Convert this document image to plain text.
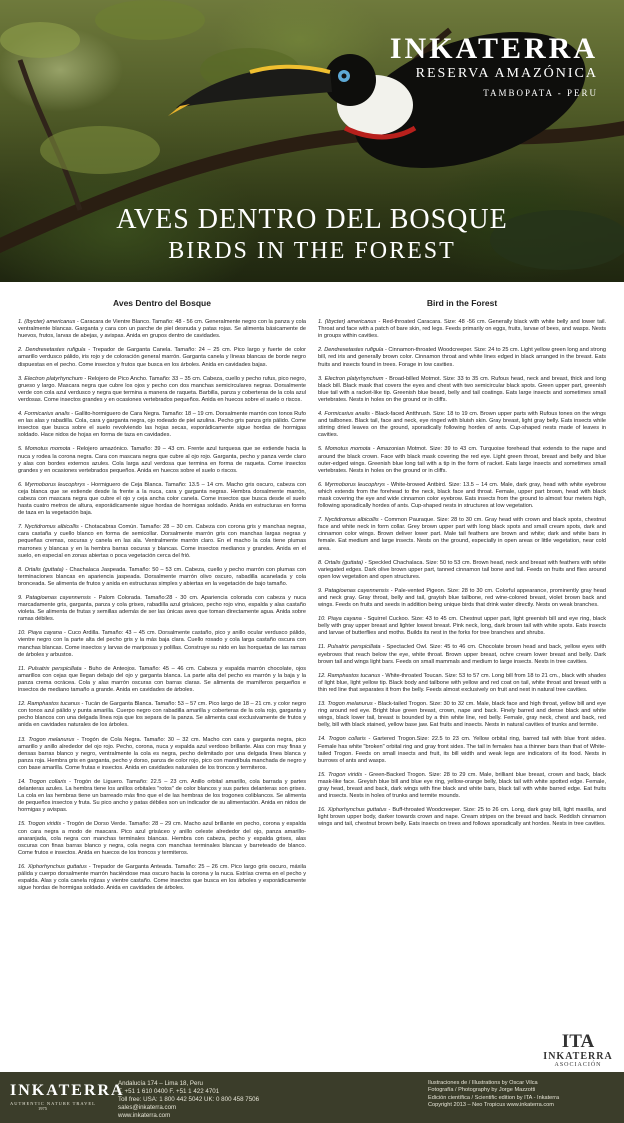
INKATERRA
RESERVA AMAZÓNICA
TAMBOPATA - PERU
AVES DENTRO DEL BOSQUE
BIRDS IN THE FOREST
Aves Dentro del Bosque

1. (Ibycter) americanus - Caracara de Vientre Blanco. Tamaño: 48 - 56 cm. Generalmente negro con la panza y cola ventralmente blancas. Garganta y cara con un parche de piel desnuda y patas rojas. Se alimenta básicamente de huevos, frutos, larvas de abejas, y avispas. Anida en grupos dentro de cavidades.

2. Dendrexetastes rufigula - Trepador de Garganta Canela. Tamaño: 24 – 25 cm. Pico largo y fuerte de color amarillo verdusco pálido, iris rojo y de coloración general marrón. Garganta canela y líneas blancas de borde negro dispuestas en el pecho. Come insectos y frutos que busca en los árboles. Anida en cavidades bajas.

3. Electron platyrhynchum - Relojero de Pico Ancho. Tamaño: 33 – 35 cm. Cabeza, cuello y pecho rufus, pico negro, grueso y largo. Mascara negra que cubre los ojos y pecho con dos manchas semicirculares negras. Dorsalmente verde con cola azul verdusco y negra que termina a manera de raqueta. Barbilla, panza y coberteras de la cola azul verdosas. Come insectos grandes y en ocasiones vertebrados pequeños. Anida en huecos sobre el suelo o riscos.

4. Formicarius analis - Gallito-hormiguero de Cara Negra. Tamaño: 18 – 19 cm. Dorsalmente marrón con tonos Rufo en las alas y rabadilla. Cola, cara y garganta negra, ojo rodeado de piel azulina. Pecho gris panza gris pálido. Come insectos que busca sobre el suelo revolviendo las hojas secas, esporádicamente sigue hordas de hormigas soldado. Hace nidos de hojas en forma de taza en cavidades.

5. Momotus momota - Relojero amazónico. Tamaño: 39 – 43 cm. Frente azul turquesa que se extiende hacia la nuca y rodea la corona negra. Cara con mascara negra que cubre al ojo rojo. Garganta, pecho y panza verde claro y alas con bordes externos azules. Cola larga azul verdosa que termina en forma de raqueta. Come insectos grandes y en ocasiones vertebrados pequeños. Anida en huecos sobre el suelo o riscos.

6. Myrmoborus leucophrys - Hormiguero de Ceja Blanca. Tamaño: 13.5 – 14 cm. Macho gris oscuro, cabeza con ceja blanca que se extiende desde la frente a la nuca, cara y garganta negras. Hembra dorsalmente marrón, cabeza con mascara negra que cubre el ojo y ceja ancha color canela. Come insectos que busca desde el suelo hasta cuatro metros de altura, esporádicamente sigue hordas de hormigas soldado. Anida en estructuras en forma de taza en la vegetación baja.

7. Nyctidromus albicollis - Chotacabras Común. Tamaño: 28 – 30 cm. Cabeza con corona gris y manchas negras, cara castaña y cuello blanco en forma de semicollar. Dorsalmente marrón gris con manchas largas negras y pequeñas cremas, oscuras y canela en las ala. Ventralmente marrón claro. En el macho la cola tiene plumas marrones y blancas y en la hembra barras oscuras y blancas. Come insectos medianos y grandes. Anida en el suelo, en especial en zonas abiertas o poca vegetación cerca del frió.

8. Ortalis (guttata) - Chachalaca Jaspeada. Tamaño: 50 – 53 cm. Cabeza, cuello y pecho marrón con plumas con terminaciones blancas en apariencia jaspeada. Dorsalmente marrón olivo oscuro, rabadilla acanelada y cola bronceada. Se alimenta de frutos y anida en estructuras simples y abiertas en la vegetación de bajo tamaño.

9. Patagioenas cayennensis - Palom Colorada. Tamaño:28 - 30 cm. Apariencia colorada con cabeza y nuca marcadamente gris, garganta, panza y cola grises, rabadilla azul grisáceo, pecho rojo vino, espalda y alas castaño violeta. Se alimenta de frutas y semillas además de ser las únicas aves que toman directamente agua. Anida sobre ramas débiles.

10. Piaya cayana - Cuco Ardilla. Tamaño: 43 – 45 cm. Dorsalmente castaño, pico y anillo ocular verdusco pálido, vientre negro con la parte alta del pecho gris y la más baja clara. Cuello rosado y cola larga castaño oscura con manchas blancas. Come insectos y larvas de mariposas y polillas. Construye su nido en las horquetas de las ramas de árboles y arbustos.

11. Pulsatrix perspicillata - Buho de Anteojos. Tamaño: 45 – 46 cm. Cabeza y espalda marrón chocolate, ojos amarillos con cejas que llegan debajo del ojo y garganta blanca. La parte alta del pecho es marrón y la baja y la panza crema ocrácea. Cola y alas marrón oscuras con barras claras. Se alimenta de mamíferos pequeños e insectos de mediano tamaño a grande. Anida en cavidades de árboles.

12. Ramphastos tucanus - Tucán de Garganta Blanca. Tamaño: 53 – 57 cm. Pico largo de 18 – 21 cm. y color negro con tonos azul pálido y punta amarilla. Cuerpo negro con rabadilla amarilla y coberteras de la cola rojo, garganta y pecho blancos con una delgada línea roja que los separa de la panza. Se alimenta casi exclusivamente de frutos y anida en cavidades naturales de los árboles.

13. Trogon melanurus - Trogón de Cola Negra. Tamaño: 30 – 32 cm. Macho con cara y garganta negra, pico amarillo y anillo alrededor del ojo rojo. Pecho, corona, nuca y espalda azul verdoso brillante. Alas con muy finas y densas barras blanco y negro, ventralmente la cola es negra, pecho delimitado por una delgada línea blanca y panza roja. Hembra gris en garganta, pecho y dorso, panza de color rojo, pico con mandíbula manchada de negro y con base amarilla. Come frutas e insectos. Anida en cavidades naturales de los troncos y termiteros.

14. Trogon collaris - Trogón de Liguero. Tamaño: 22.5 – 23 cm. Anillo orbital amarillo, cola barrada y partes delanteras azules. La hembra tiene los anillos orbitales "rotos" de color blancos y sus partes delanteras son grises. La cola en las hembras tiene un barreado más fino que el de las hembras de los trogones coliblancos. Se alimenta de pequeños insectos y fruta. Su pico ancho y patas débiles son un indicador de su alimentación. Anida en nidos de hormigas y avispas.

15. Trogon viridis - Trogón de Dorso Verde. Tamaño: 28 – 29 cm. Macho azul brillante en pecho, corona y espalda con cara negra a modo de mascara. Pico azul grisáceo y anillo celeste alrededor del ojo, panza amarillo-anaranjada, cola negra con manchas terminales blancas. Hembra con cabeza, pecho y espalda grises, alas oscuras con finas barras blanco y negra, cola negra con manchas terminales blancas y barreteado de blanco. Come frutos e insectos. Anida en huecos de los troncos y termiteros.

16. Xiphorhynchus guttatus - Trepador de Garganta Anteada. Tamaño: 25 – 26 cm. Pico largo gris oscuro, máxila pálida y cuerpo dorsalmente marrón haciéndose mas oscuro hacia la corona y la nuca. Estrías crema en el pecho y espalda. Alas y cola canela rojizas y vientre castaño. Come insectos que busca en los árboles y esporádicamente sigue hordas de hormigas soldado. Anida en cavidades de árboles.

Bird in the Forest

1. (Ibycter) americanus - Red-throated Caracara. Size: 48 -56 cm. Generally black with white belly and lower tail. Throat and face with a patch of bare skin, red legs. Feeds primarily on eggs, fruits, larvae of bees, and wasps. Nests in groups within cavities.

2. Dendrexetastes rufigula - Cinnamon-throated Woodcreeper. Size: 24 to 25 cm. Light yellow green long and strong bill, red iris and generally brown color. Cinnamon throat and white lines edged in black arranged in the breast. Eats fruits and insects found in trees. Forage in low cavities.

3. Electron platyrhynchum - Broad-billed Motmot. Size: 33 to 35 cm. Rufous head, neck and breast, thick and long black bill. Black mask that covers the eyes and chest with two semicircular black spots. Green upper part, greenish blue tail with a racket-like tip. Greenish blue beard, belly and tail coatings. Eats large insects and sometimes small vertebrates. Nests in holes on the ground or in cliffs.

4. Formicarius analis - Black-faced Antthrush. Size: 18 to 19 cm. Brown upper parts with Rufous tones on the wings and tailbones. Black tail, face and neck, eye ringed with bluish skin. Gray breast, light gray belly. Eats insects while stirring dried leaves on the ground, sporadically following hordes of ants. Cup-shaped nests made of leaves in cavities.

5. Momotus momota - Amazonian Motmot. Size: 39 to 43 cm. Turquoise forehead that extends to the nape and around the black crown. Face with black mask covering the red eye. Light green throat, breast and belly and blue outer-edged wings. Greenish blue long tail with a tip in the form of racket. Eats large insects and sometimes small vertebrates. Nests in holes on the ground or in cliffs.

6. Myrmoborus leucophrys - White-browed Antbird. Size: 13.5 – 14 cm. Male, dark gray, head with white eyebrow which extends from the forehead to the neck, black face and throat. Female, upper part brown, head with black mask covering the eye and wide cinnamon color eyebrow. Eats insects from the ground to almost four meters high, following sporadically hordes of ants. Cup-shaped nests in structures at low vegetation.

7. Nyctidromus albicollis - Common Pauraque. Size: 28 to 30 cm. Gray head with crown and black spots, chestnut face and white neck in form collar. Grey brown upper part with long black spots and small cream spots, dark and cinnamon color wings. Brown deliver lower part. Male tail feathers are brown and white; dark and white bars in female. Eat medium and large insects. Nests on the ground, especially in open areas or little vegetation, near cold area.

8. Ortalis (guttata) - Speckled Chachalaca. Size: 50 to 53 cm. Brown head, neck and breast with feathers with white variegated edges. Dark olive brown upper part, tanned cinnamon tail bone and tail. Feeds on fruits and flies around open low vegetation and open structures.

9. Patagioenas cayennensis - Pale-vented Pigeon. Size: 28 to 30 cm. Colorful appearance, prominently gray head and neck gray. Gray throat, belly and tail, grayish blue tailbone, red wine-colored breast, violet brown back and wings. Feeds on fruits and seeds in addition being unique birds that drink water directly. Nests on weak branches.

10. Piaya cayana - Squirrel Cuckoo. Size: 43 to 45 cm. Chestnut upper part, light greenish bill and eye ring, black belly with gray upper breast and lighter lowest breast. Pink neck, long, dark brown tail with white spots. Eats insects and larvae of butterflies and moths. Builds its nest in the forks for tree branches and shrubs.

11. Pulsatrix perspicillata - Spectacled Owl. Size: 45 to 46 cm. Chocolate brown head and back, yellow eyes with eyebrows that reach below the eye, white throat. Brown upper breast, ochre cream lower breast and belly. Dark brown tail and wings light bars. Feeds on small mammals and medium to large insects. Nests in tree cavities.

12. Ramphastos tucanus - White-throated Toucan. Size: 53 to 57 cm. Long bill from 18 to 21 cm., black with shades of light blue, light yellow tip. Black body and tailbone with yellow and red coat on tail, white throat and breast with a thin red line that separates it from the belly. Feeds almost exclusively on fruit and nest in natural tree cavities.

13. Trogon melanurus - Black-tailed Trogon. Size: 30 to 32 cm. Male, black face and high throat, yellow bill and eye ring around red eye. Bright blue green breast, crown, nape and back. Finely barred and dense black and white wings, black lower tail, breast is bounded by a thin white line, red belly. Female, gray neck, chest and back, red belly, bill with black stained, yellow base jaw. Eat fruits and insects. Nests in natural cavities of trunks and termite.

14. Trogon collaris - Gartered Trogon.Size: 22.5 to 23 cm. Yellow orbital ring, barred tail with blue front sides. Female has white "broken" orbital ring and gray front sides. The tail in females has a thinner bars than that of White-tailed Trogon. Feeds on small insects and fruit, its bill width and weak legs are indicators of its food. Nests in burrows of ants and wasps.

15. Trogon viridis - Green-Backed Trogon. Size: 28 to 29 cm. Male, brilliant blue breast, crown and back, black mask-like face. Greyish blue bill and blue eye ring, yellow-orange belly, black tail with white spotted edge. Female, gray head, breast and back, dark wings with fine black and white bars, black tail with white barred edge. Eat fruits and insects. Nests in holes of trunks and termite mounds.

16. Xiphorhynchus guttatus - Buff-throated Woodcreeper. Size: 25 to 26 cm. Long, dark gray bill, light maxilla, and light brown upper body, darker towards crown and nape. Cream stripes on the breast and back. Reddish cinnamon wings and tail, chestnut brown belly. Eats insects on trees and follows sporadically ant hordes. Nests in tree cavities.

ITA
INKATERRA
ASOCIACIÓN
INKATERRA
AUTHENTIC NATURE TRAVEL
1975
Andalucía 174 – Lima 18, Peru
T. +51 1 610 0400 F. +51 1 422 4701
Toll free: USA: 1 800 442 5042 UK: 0 800 458 7506
sales@inkaterra.com
www.inkaterra.com
Ilustraciones de / Illustrations by Oscar Vilca
Fotografía / Photography by Jorge Mazzotti
Edición científica / Scientific edition by ITA - Inkaterra
Copyright 2013 – Neo Tropicus www.inkaterra.com
